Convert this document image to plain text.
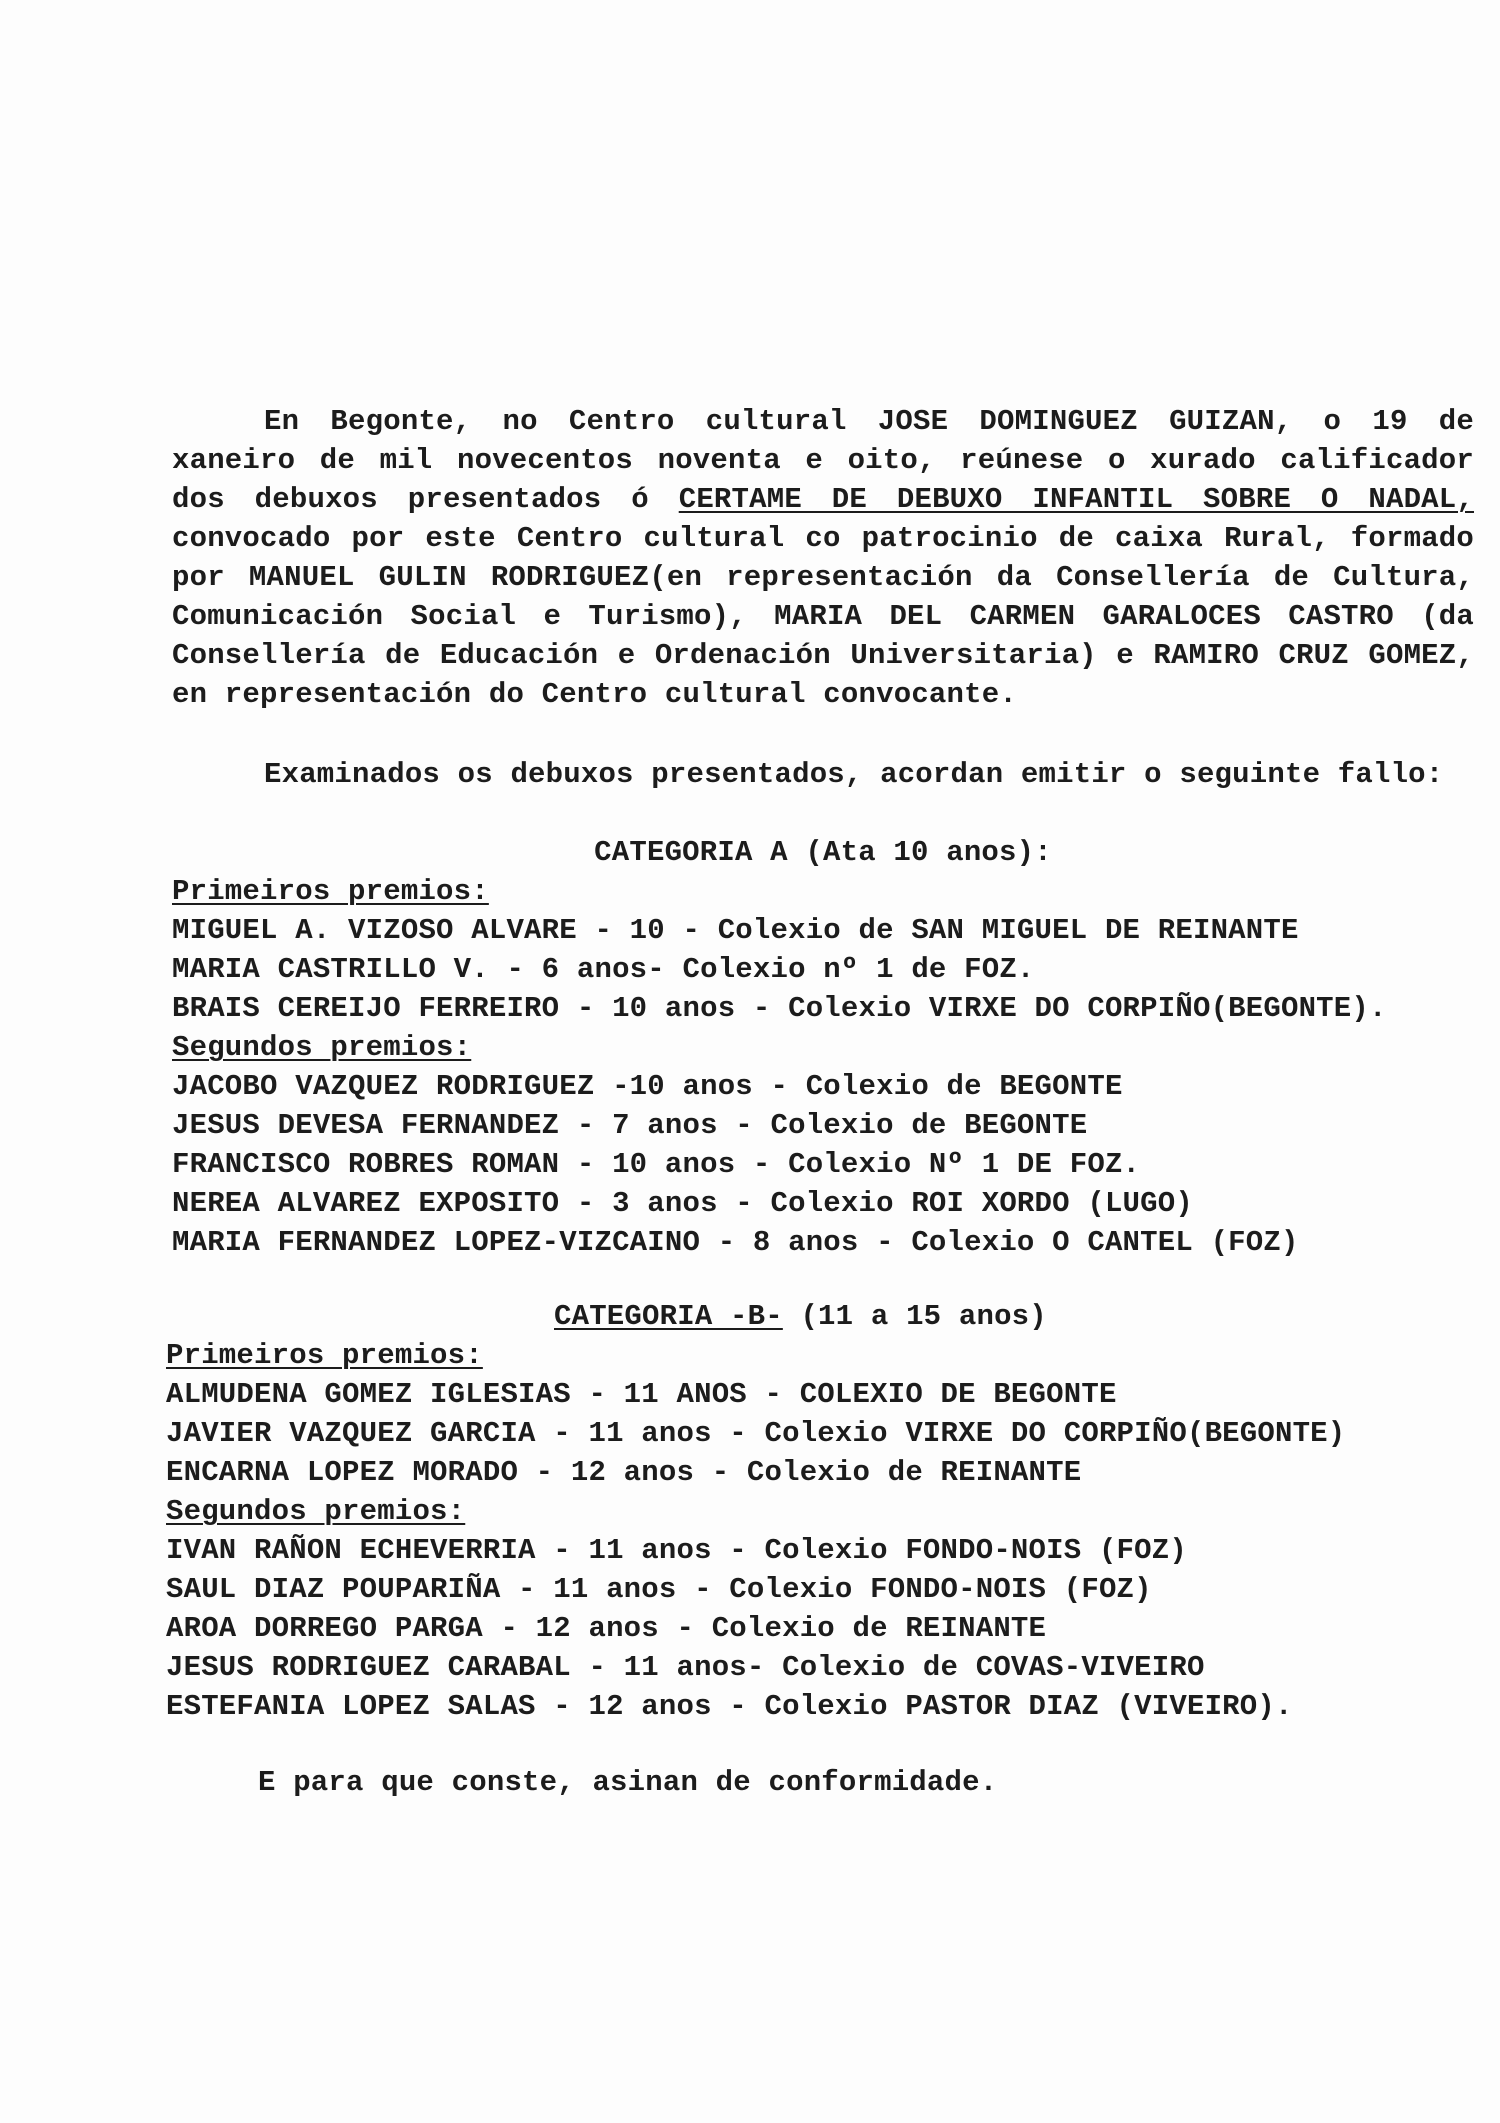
En Begonte, no Centro cultural JOSE DOMINGUEZ GUIZAN, o 19 de xaneiro de mil novecentos noventa e oito, reúnese o xurado calificador dos debuxos presentados ó CERTAME DE DEBUXO INFANTIL SOBRE O NADAL, convocado por este Centro cultural co patrocinio de caixa Rural, formado por MANUEL GULIN RODRIGUEZ(en representación da Consellería de Cultura, Comunicación Social e Turismo), MARIA DEL CARMEN GARALOCES CASTRO (da Consellería de Educación e Ordenación Universitaria) e RAMIRO CRUZ GOMEZ, en representación do Centro cultural convocante.

Examinados os debuxos presentados, acordan emitir o seguinte fallo:

CATEGORIA A (Ata 10 anos):
Primeiros premios:
MIGUEL A. VIZOSO ALVARE - 10 - Colexio de SAN MIGUEL DE REINANTE
MARIA CASTRILLO V. - 6 anos- Colexio nº 1 de FOZ.
BRAIS CEREIJO FERREIRO - 10 anos - Colexio VIRXE DO CORPIÑO(BEGONTE).
Segundos premios:
JACOBO VAZQUEZ RODRIGUEZ -10 anos - Colexio de BEGONTE
JESUS DEVESA FERNANDEZ - 7 anos - Colexio de BEGONTE
FRANCISCO ROBRES ROMAN - 10 anos - Colexio Nº 1 DE FOZ.
NEREA ALVAREZ EXPOSITO - 3 anos - Colexio ROI XORDO (LUGO)
MARIA FERNANDEZ LOPEZ-VIZCAINO - 8 anos - Colexio O CANTEL (FOZ)
CATEGORIA -B- (11 a 15 anos)
Primeiros premios:
ALMUDENA GOMEZ IGLESIAS - 11 ANOS - COLEXIO DE BEGONTE
JAVIER VAZQUEZ GARCIA - 11 anos - Colexio VIRXE DO CORPIÑO(BEGONTE)
ENCARNA LOPEZ MORADO - 12 anos - Colexio de REINANTE
Segundos premios:
IVAN RAÑON ECHEVERRIA - 11 anos - Colexio FONDO-NOIS (FOZ)
SAUL DIAZ POUPARIÑA - 11 anos - Colexio FONDO-NOIS (FOZ)
AROA DORREGO PARGA - 12 anos - Colexio de REINANTE
JESUS RODRIGUEZ CARABAL - 11 anos- Colexio de COVAS-VIVEIRO
ESTEFANIA LOPEZ SALAS - 12 anos - Colexio PASTOR DIAZ (VIVEIRO).
E para que conste, asinan de conformidade.
